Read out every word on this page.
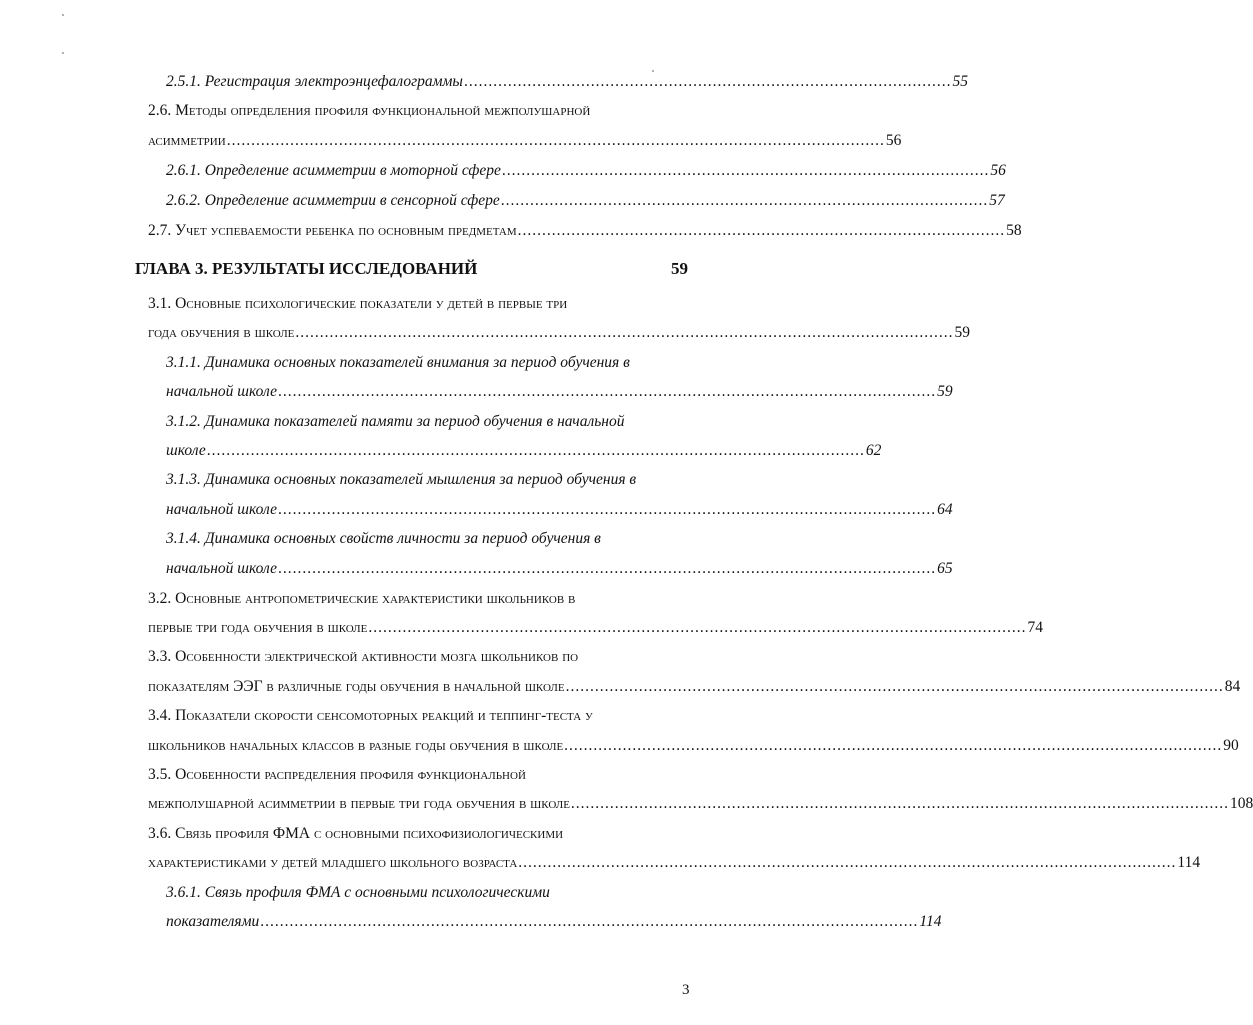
2.5.1. Регистрация электроэнцефалограммы .................................................................................................... 55
2.6. Методы определения профиля функциональной межполушарной
асимметрии ....................................................................................................................................... 56
2.6.1. Определение асимметрии в моторной сфере .................................................................................................... 56
2.6.2. Определение асимметрии в сенсорной сфере .................................................................................................... 57
2.7. Учет успеваемости ребенка по основным предметам .................................................................................................... 58
ГЛАВА 3. РЕЗУЛЬТАТЫ ИССЛЕДОВАНИЙ	59
3.1. Основные психологические показатели у детей в первые три
года обучения в школе ....................................................................................................................................... 59
3.1.1. Динамика основных показателей внимания за период обучения в
начальной школе ....................................................................................................................................... 59
3.1.2. Динамика показателей памяти за период обучения в начальной
школе ....................................................................................................................................... 62
3.1.3. Динамика основных показателей мышления за период обучения в
начальной школе ....................................................................................................................................... 64
3.1.4. Динамика основных свойств личности за период обучения в
начальной школе ....................................................................................................................................... 65
3.2. Основные антропометрические характеристики школьников в
первые три года обучения в школе ....................................................................................................................................... 74
3.3. Особенности электрической активности мозга школьников по
показателям ЭЭГ в различные годы обучения в начальной школе ....................................................................................................................................... 84
3.4. Показатели скорости сенсомоторных реакций и теппинг-теста у
школьников начальных классов в разные годы обучения в школе ....................................................................................................................................... 90
3.5. Особенности распределения профиля функциональной
межполушарной асимметрии в первые три года обучения в школе ....................................................................................................................................... 108
3.6. Связь профиля ФМА с основными психофизиологическими
характеристиками у детей младшего школьного возраста ....................................................................................................................................... 114
3.6.1. Связь профиля ФМА с основными психологическими
показателями ....................................................................................................................................... 114
3
